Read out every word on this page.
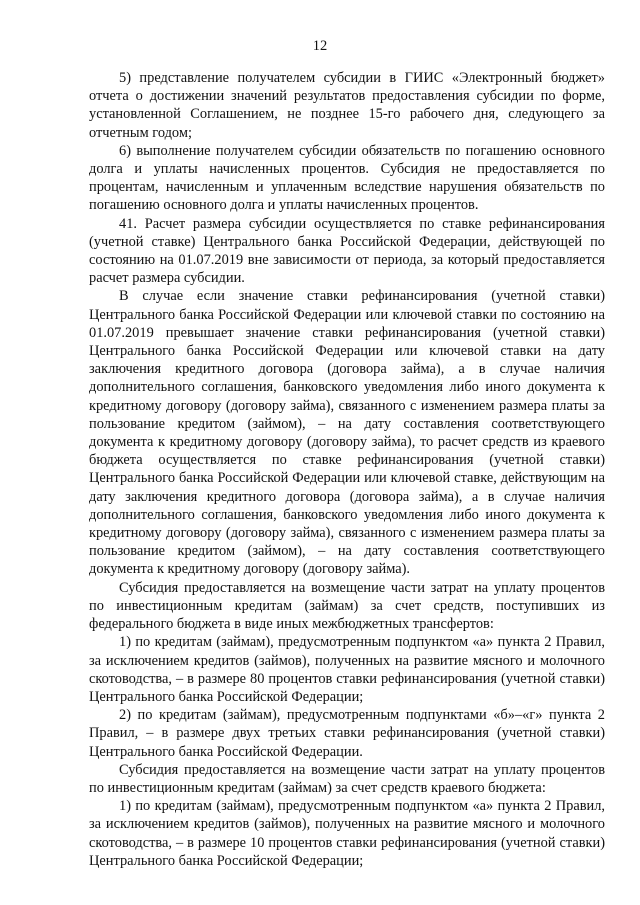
12

5) представление получателем субсидии в ГИИС «Электронный бюджет» отчета о достижении значений результатов предоставления субсидии по форме, установленной Соглашением, не позднее 15-го рабочего дня, следующего за отчетным годом;

6) выполнение получателем субсидии обязательств по погашению основного долга и уплаты начисленных процентов. Субсидия не предоставляется по процентам, начисленным и уплаченным вследствие нарушения обязательств по погашению основного долга и уплаты начисленных процентов.

41. Расчет размера субсидии осуществляется по ставке рефинансирования (учетной ставке) Центрального банка Российской Федерации, действующей по состоянию на 01.07.2019 вне зависимости от периода, за который предоставляется расчет размера субсидии.

В случае если значение ставки рефинансирования (учетной ставки) Центрального банка Российской Федерации или ключевой ставки по состоянию на 01.07.2019 превышает значение ставки рефинансирования (учетной ставки) Центрального банка Российской Федерации или ключевой ставки на дату заключения кредитного договора (договора займа), а в случае наличия дополнительного соглашения, банковского уведомления либо иного документа к кредитному договору (договору займа), связанного с изменением размера платы за пользование кредитом (займом), – на дату составления соответствующего документа к кредитному договору (договору займа), то расчет средств из краевого бюджета осуществляется по ставке рефинансирования (учетной ставки) Центрального банка Российской Федерации или ключевой ставке, действующим на дату заключения кредитного договора (договора займа), а в случае наличия дополнительного соглашения, банковского уведомления либо иного документа к кредитному договору (договору займа), связанного с изменением размера платы за пользование кредитом (займом), – на дату составления соответствующего документа к кредитному договору (договору займа).

Субсидия предоставляется на возмещение части затрат на уплату процентов по инвестиционным кредитам (займам) за счет средств, поступивших из федерального бюджета в виде иных межбюджетных трансфертов:

1) по кредитам (займам), предусмотренным подпунктом «а» пункта 2 Правил, за исключением кредитов (займов), полученных на развитие мясного и молочного скотоводства, – в размере 80 процентов ставки рефинансирования (учетной ставки) Центрального банка Российской Федерации;

2) по кредитам (займам), предусмотренным подпунктами «б»–«г» пункта 2 Правил, – в размере двух третьих ставки рефинансирования (учетной ставки) Центрального банка Российской Федерации.

Субсидия предоставляется на возмещение части затрат на уплату процентов по инвестиционным кредитам (займам) за счет средств краевого бюджета:

1) по кредитам (займам), предусмотренным подпунктом «а» пункта 2 Правил, за исключением кредитов (займов), полученных на развитие мясного и молочного скотоводства, – в размере 10 процентов ставки рефинансирования (учетной ставки) Центрального банка Российской Федерации;
